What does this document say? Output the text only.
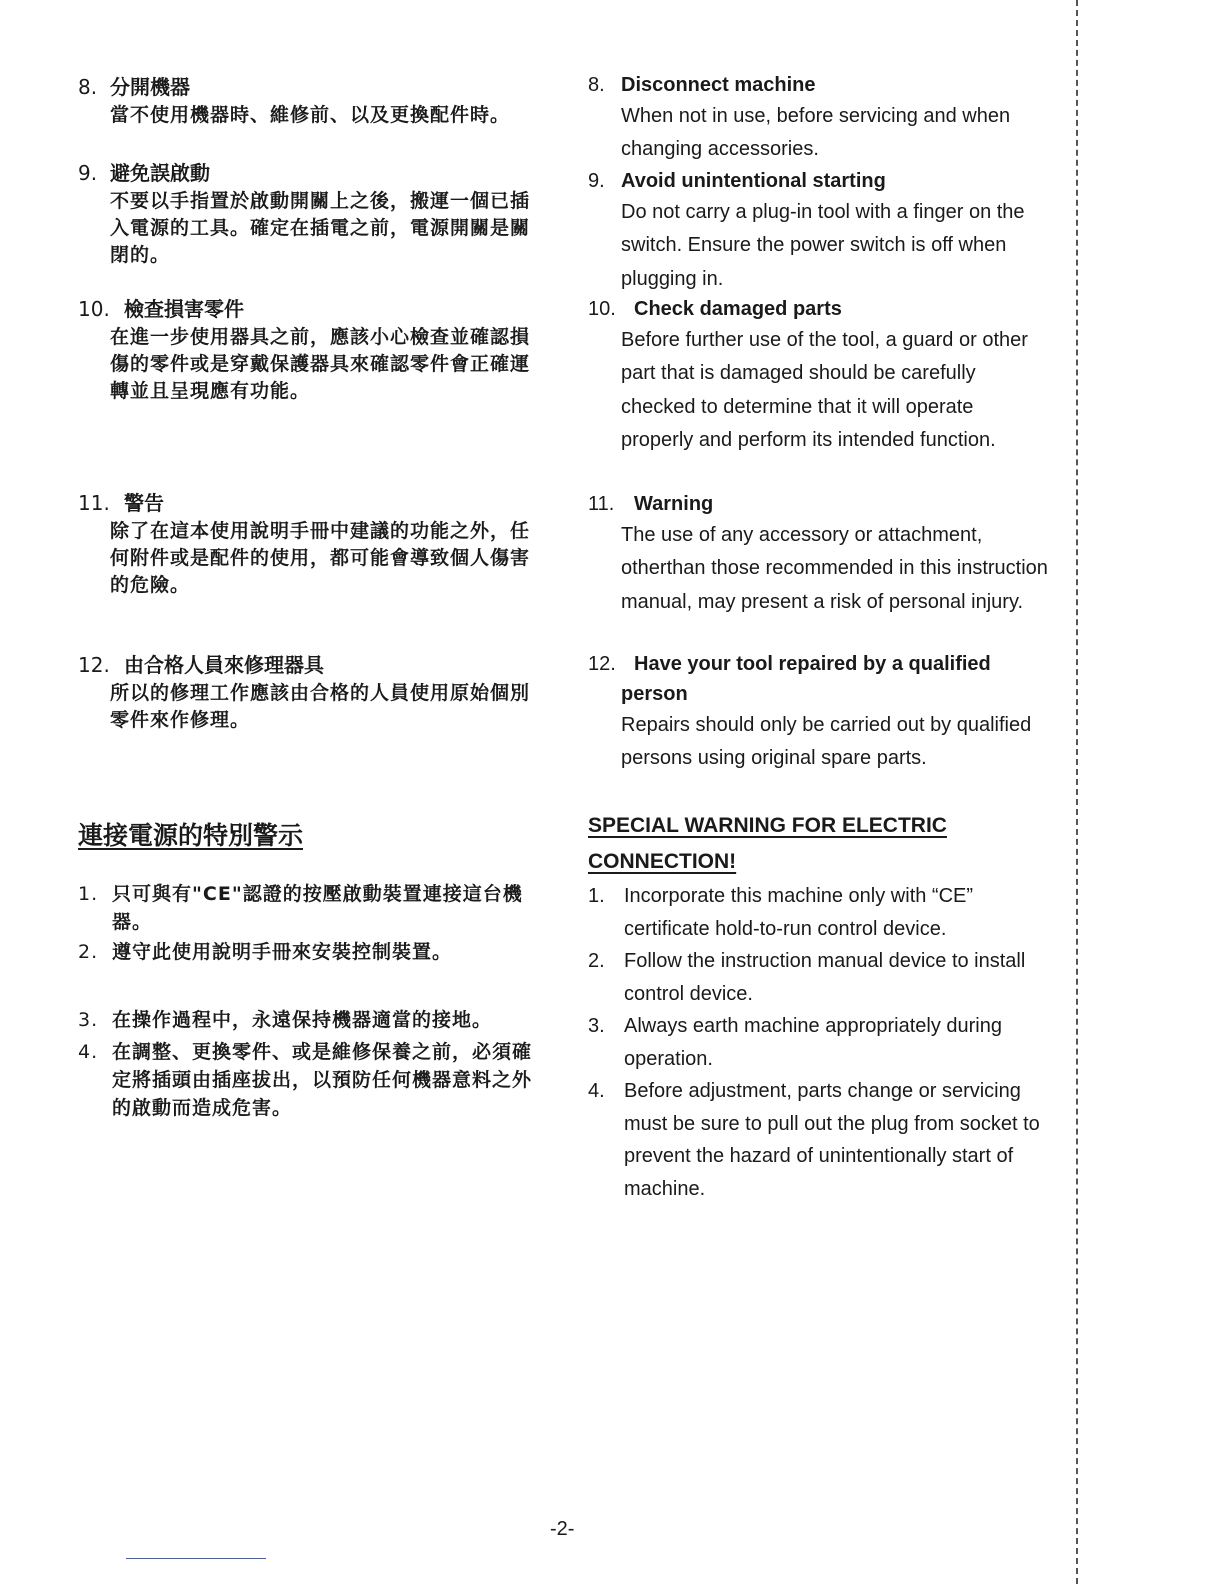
8. 分開機器
當不使用機器時、維修前、以及更換配件時。
9. 避免誤啟動
不要以手指置於啟動開關上之後，搬運一個已插入電源的工具。確定在插電之前，電源開關是關閉的。
10. 檢查損害零件
在進一步使用器具之前，應該小心檢查並確認損傷的零件或是穿戴保護器具來確認零件會正確運轉並且呈現應有功能。
11. 警告
除了在這本使用說明手冊中建議的功能之外，任何附件或是配件的使用，都可能會導致個人傷害的危險。
12. 由合格人員來修理器具
所以的修理工作應該由合格的人員使用原始個別零件來作修理。
連接電源的特別警示
1. 只可與有"CE"認證的按壓啟動裝置連接這台機器。
2. 遵守此使用說明手冊來安裝控制裝置。
3. 在操作過程中，永遠保持機器適當的接地。
4. 在調整、更換零件、或是維修保養之前，必須確定將插頭由插座拔出，以預防任何機器意料之外的啟動而造成危害。
8. Disconnect machine
When not in use, before servicing and when changing accessories.
9. Avoid unintentional starting
Do not carry a plug-in tool with a finger on the switch. Ensure the power switch is off when plugging in.
10. Check damaged parts
Before further use of the tool, a guard or other part that is damaged should be carefully checked to determine that it will operate properly and perform its intended function.
11. Warning
The use of any accessory or attachment, otherthan those recommended in this instruction manual, may present a risk of personal injury.
12. Have your tool repaired by a qualified
person
Repairs should only be carried out by qualified persons using original spare parts.
SPECIAL WARNING FOR ELECTRIC
CONNECTION!
1. Incorporate this machine only with “CE” certificate hold-to-run control device.
2. Follow the instruction manual device to install control device.
3. Always earth machine appropriately during operation.
4. Before adjustment, parts change or servicing must be sure to pull out the plug from socket to prevent the hazard of unintentionally start of machine.
-2-
